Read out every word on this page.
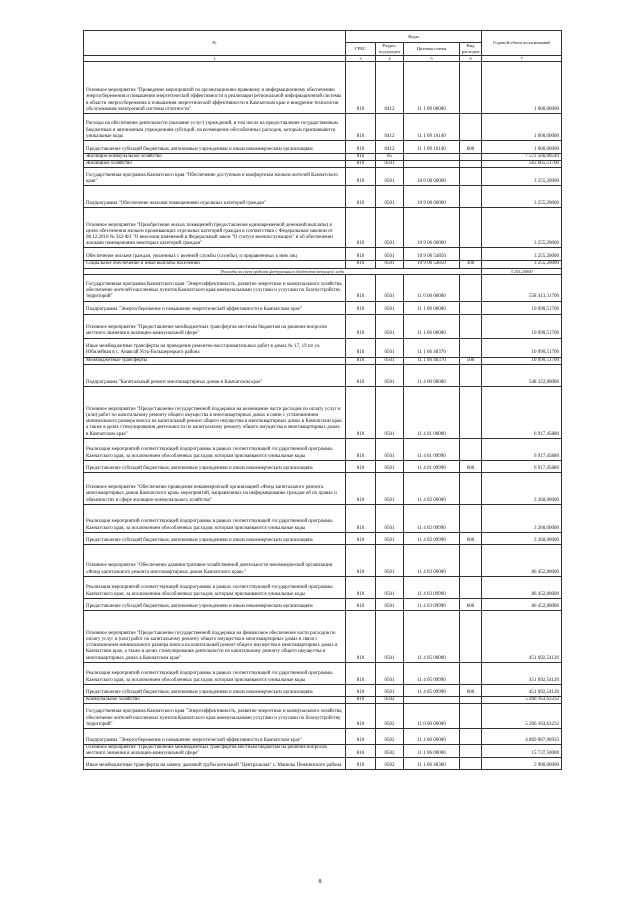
№	Коды				Годовой объем ассигнований
	ГРБС	Раздел, под-раздел	Целевая статья	Вид расходов	
1	3	4	5	6	7
Основное мероприятие "Проведение мероприятий по организационно-правовому и информационному обеспечению энергосбережения и повышения энергетической эффективности и реализации региональной информационной системы в области энергосбережения и повышения энергетической эффективности в Камчатском крае и внедрение технологии обслуживания электронной системы отчетности"	810	0412	11 1 09 00000		1 000,00000
Расходы на обеспечение деятельности (оказание услуг) учреждений, в том числе на предоставление государственным бюджетным и автономным учреждениям субсидий, на возмещение обособленных расходов, которым присваиваются уникальные коды	810	0412	11 1 09 10140		1 000,00000
Предоставление субсидий бюджетным, автономным учреждениям и иным некоммерческим организациям	810	0412	11 1 09 10140	600	1 000,00000
Жилищно-коммунальное хозяйство	810	05			7 572 566,00549
Жилищное хозяйство	810	0501			563 665,51700
Государственная программа Камчатского края "Обеспечение доступным и комфортным жильем жителей Камчатского края"	810	0501	10 0 00 00000		3 255,20000
Подпрограмма "Обеспечение жилыми помещениями отдельных категорий граждан"	810	0501	10 9 00 00000		3 255,20000
Основное мероприятие "Приобретение жилых помещений (предоставление единовременной денежной выплаты) в целях обеспечения жильем проживающих отдельных категорий граждан в соответствии с Федеральным законом от 08.12.2010 № 342-ФЗ "О внесении изменений в Федеральный закон "О статусе военнослужащих" и об обеспечении жилыми помещениями некоторых категорий граждан"	810	0501	10 9 06 00000		3 255,20000
Обеспечение жильем граждан, уволенных с военной службы (службы), и приравненных к ним лиц	810	0501	10 9 06 54850		3 255,20000
Социальное обеспечение и иные выплаты населению	810	0501	10 9 06 54850	300	3 255,20000
Расходы за счет средств федерального бюджета текущего года					3 255,20000
Государственная программа Камчатского края "Энергоэффективность, развитие энергетики и коммунального хозяйства, обеспечение жителей населенных пунктов Камчатского края коммунальными услугами и услугами по благоустройству территорий"	810	0501	11 0 00 00000		558 413,31700
Подпрограмма "Энергосбережение и повышение энергетической эффективности в Камчатском крае"	810	0501	11 1 00 00000		10 090,51700
Основное мероприятие "Предоставление межбюджетных трансфертов местным бюджетам на решение вопросов местного значения в жилищно-коммунальной сфере"	810	0501	11 1 06 00000		10 090,51700
Иные межбюджетные трансферты на проведение ремонтно-восстановительных работ в домах № 17, 19 по ул. Юбилейная в с. Анавгай Усть-Большерецкого района	810	0501	11 1 06 40370		10 090,51700
Межбюджетные трансферты	810	0501	11 1 06 40370	500	10 090,51700
Подпрограмма "Капитальный ремонт многоквартирных домов в Камчатском крае"	810	0501	11 4 00 00000		548 322,80000
Основное мероприятие "Предоставление государственной поддержки на возмещение части расходов по оплату услуг и (или) работ по капитальному ремонту общего имущества в многоквартирных домах в связи с установлением минимального размера взноса на капитальный ремонт общего имущества в многоквартирных домах в Камчатском крае, а также в целях стимулирования деятельности по капитальному ремонту общего имущества в многоквартирных домах в Камчатском крае"	810	0501	11 4 01 00000		6 917,45880
Реализация мероприятий соответствующей подпрограммы в рамках соответствующей государственной программы Камчатского края, за исключением обособленных расходов, которым присваиваются уникальные коды	810	0501	11 4 01 09990		6 917,45880
Предоставление субсидий бюджетным, автономным учреждениям и иным некоммерческим организациям	810	0501	11 4 01 09990	600	6 917,45880
Основное мероприятие "Обеспечение проведения некоммерческой организацией «Фонд капитального ремонта многоквартирных домов Камчатского края» мероприятий, направленных на информирование граждан об их правах и обязанностях в сфере жилищно-коммунального хозяйства"	810	0501	11 4 02 00000		3 260,00000
Реализация мероприятий соответствующей подпрограммы в рамках соответствующей государственной программы Камчатского края, за исключением обособленных расходов, которым присваиваются уникальные коды	810	0501	11 4 02 09990		3 260,00000
Предоставление субсидий бюджетным, автономным учреждениям и иным некоммерческим организациям	810	0501	11 4 02 09990	600	3 260,00000
Основное мероприятие "Обеспечение административно-хозяйственной деятельности некоммерческой организации «Фонд капитального ремонта многоквартирных домов Камчатского края»"	810	0501	11 4 03 00000		86 452,80000
Реализация мероприятий соответствующей подпрограммы в рамках соответствующей государственной программы Камчатского края, за исключением обособленных расходов, которым присваиваются уникальные коды	810	0501	11 4 03 09990		86 452,80000
Предоставление субсидий бюджетным, автономным учреждениям и иным некоммерческим организациям	810	0501	11 4 03 09990	600	86 452,80000
Основное мероприятие "Предоставление государственной поддержки на финансовое обеспечение части расходов по оплату услуг и (или) работ по капитальному ремонту общего имущества в многоквартирных домах в связи с установлением минимального размера взноса на капитальный ремонт общего имущества в многоквартирных домах в Камчатском крае, а также в целях стимулирования деятельности по капитальному ремонту общего имущества в многоквартирных домах в Камчатском крае"	810	0501	11 4 05 00000		451 692,54120
Реализация мероприятий соответствующей подпрограммы в рамках соответствующей государственной программы Камчатского края, за исключением обособленных расходов, которым присваиваются уникальные коды	810	0501	11 4 05 09990		451 692,54120
Предоставление субсидий бюджетным, автономным учреждениям и иным некоммерческим организациям	810	0501	11 4 05 09990	600	451 692,54120
Коммунальное хозяйство	810	0502			5 266 163,63232
Государственная программа Камчатского края "Энергоэффективность, развитие энергетики и коммунального хозяйства, обеспечение жителей населенных пунктов Камчатского края коммунальными услугами и услугами по благоустройству территорий"	810	0502	11 0 00 00000		5 266 163,63232
Подпрограмма "Энергосбережение и повышение энергетической эффективности в Камчатском крае"	810	0502	11 1 00 00000		4 869 087,96933
Основное мероприятие "Предоставление межбюджетных трансфертов местным бюджетам на решение вопросов местного значения в жилищно-коммунальной сфере"	810	0502	11 1 06 00000		15 737,50000
Иные межбюджетные трансферты на замену дымовой трубы котельной "Центральная" с. Манилы Пенжинского района	810	0502	11 1 06 40380		5 900,00000
8
